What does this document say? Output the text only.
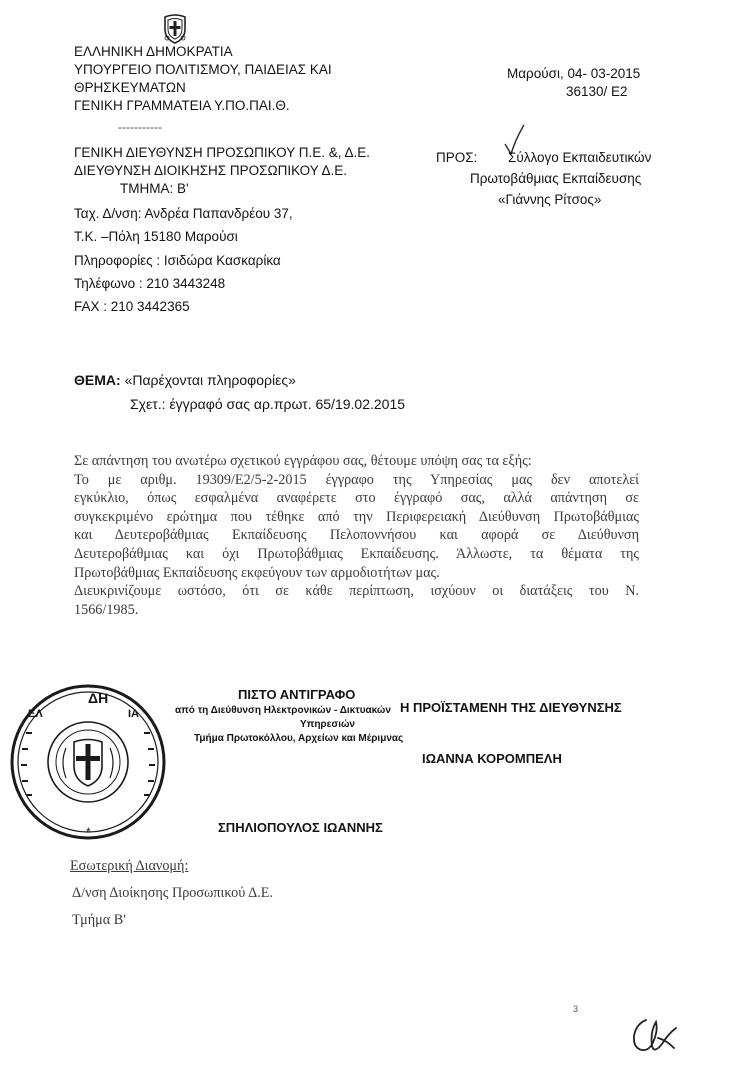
ΕΛΛΗΝΙΚΗ ΔΗΜΟΚΡΑΤΙΑ
ΥΠΟΥΡΓΕΙΟ ΠΟΛΙΤΙΣΜΟΥ, ΠΑΙΔΕΙΑΣ ΚΑΙ
ΘΡΗΣΚΕΥΜΑΤΩΝ
ΓΕΝΙΚΗ ΓΡΑΜΜΑΤΕΙΑ Υ.ΠΟ.ΠΑΙ.Θ.
-----------
ΓΕΝΙΚΗ ΔΙΕΥΘΥΝΣΗ ΠΡΟΣΩΠΙΚΟΥ Π.Ε. &, Δ.Ε.
ΔΙΕΥΘΥΝΣΗ ΔΙΟΙΚΗΣΗΣ ΠΡΟΣΩΠΙΚΟΥ Δ.Ε.
ΤΜΗΜΑ: Β'
Ταχ. Δ/νση: Ανδρέα Παπανδρέου 37,
Τ.Κ. –Πόλη 15180 Μαρούσι
Πληροφορίες : Ισιδώρα Κασκαρίκα
Τηλέφωνο : 210 3443248
FAX : 210 3442365
Μαρούσι, 04- 03-2015
36130/ Ε2
ΠΡΟΣ: Σύλλογο Εκπαιδευτικών
Πρωτοβάθμιας Εκπαίδευσης
«Γιάννης Ρίτσος»
ΘΕΜΑ: «Παρέχονται πληροφορίες»
Σχετ.: έγγραφό σας αρ.πρωτ. 65/19.02.2015
Σε απάντηση του ανωτέρω σχετικού εγγράφου σας, θέτουμε υπόψη σας τα εξής:
Το με αριθμ. 19309/Ε2/5-2-2015 έγγραφο της Υπηρεσίας μας δεν αποτελεί
εγκύκλιο, όπως εσφαλμένα αναφέρετε στο έγγραφό σας, αλλά απάντηση σε
συγκεκριμένο ερώτημα που τέθηκε από την Περιφερειακή Διεύθυνση Πρωτοβάθμιας
και Δευτεροβάθμιας Εκπαίδευσης Πελοποννήσου και αφορά σε Διεύθυνση
Δευτεροβάθμιας και όχι Πρωτοβάθμιας Εκπαίδευσης. Άλλωστε, τα θέματα της
Πρωτοβάθμιας Εκπαίδευσης εκφεύγουν των αρμοδιοτήτων μας.
Διευκρινίζουμε ωστόσο, ότι σε κάθε περίπτωση, ισχύουν οι διατάξεις του Ν.
1566/1985.
ΔΗ
ΕΛ	ΙΑ
*
ΠΙΣΤΟ ΑΝΤΙΓΡΑΦΟ
από τη Διεύθυνση Ηλεκτρονικών - Δικτυακών
Υπηρεσιών
Τμήμα Πρωτοκόλλου, Αρχείων και Μέριμνας
ΣΠΗΛΙΟΠΟΥΛΟΣ ΙΩΑΝΝΗΣ
Η ΠΡΟΪΣΤΑΜΕΝΗ ΤΗΣ ΔΙΕΥΘΥΝΣΗΣ
ΙΩΑΝΝΑ ΚΟΡΟΜΠΕΛΗ
Εσωτερική Διανομή:
Δ/νση Διοίκησης Προσωπικού Δ.Ε.
Τμήμα Β'
3
